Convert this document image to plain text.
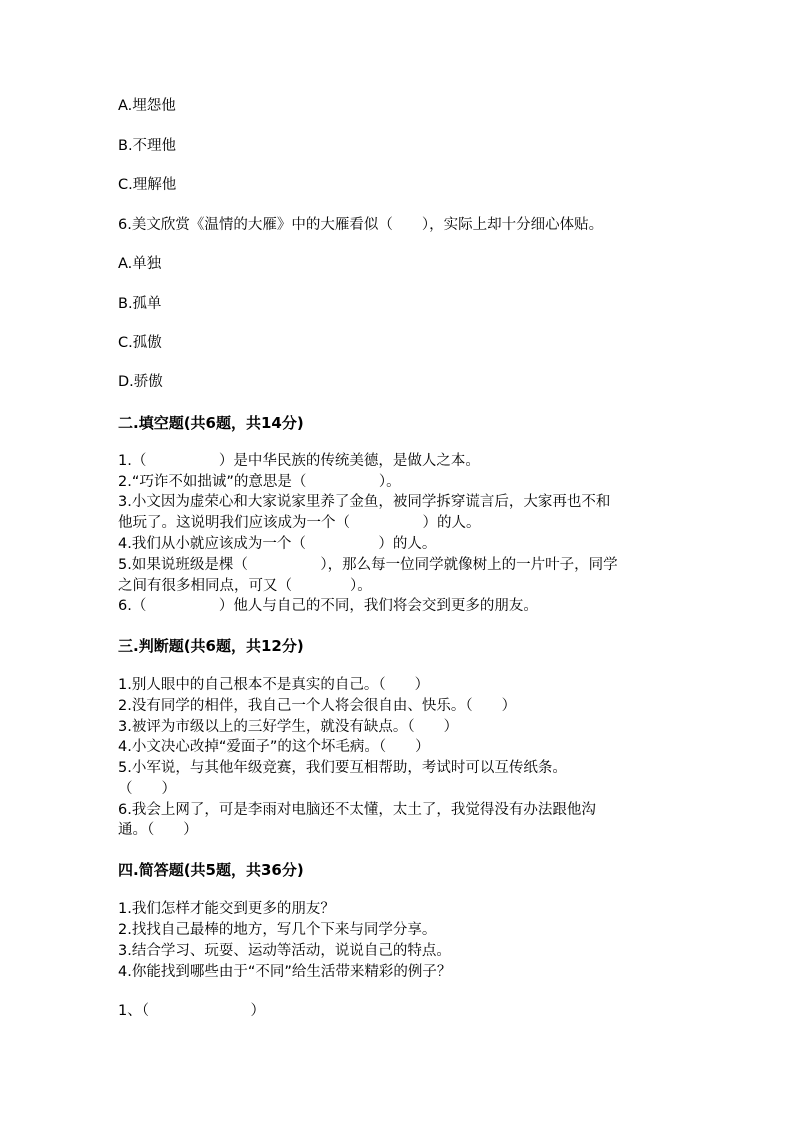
A.埋怨他
B.不理他
C.理解他
6.美文欣赏《温情的大雁》中的大雁看似（　　），实际上却十分细心体贴。
A.单独
B.孤单
C.孤傲
D.骄傲
二.填空题(共6题，共14分)
1.（　　　　　）是中华民族的传统美德，是做人之本。
2.“巧诈不如拙诚”的意思是（　　　　　）。
3.小文因为虚荣心和大家说家里养了金鱼，被同学拆穿谎言后，大家再也不和
他玩了。这说明我们应该成为一个（　　　　　）的人。
4.我们从小就应该成为一个（　　　　　）的人。
5.如果说班级是棵（　　　　　），那么每一位同学就像树上的一片叶子，同学
之间有很多相同点，可又（　　　　）。
6.（　　　　　）他人与自己的不同，我们将会交到更多的朋友。
三.判断题(共6题，共12分)
1.别人眼中的自己根本不是真实的自己。（　　）
2.没有同学的相伴，我自己一个人将会很自由、快乐。（　　）
3.被评为市级以上的三好学生，就没有缺点。（　　）
4.小文决心改掉“爱面子”的这个坏毛病。（　　）
5.小军说，与其他年级竞赛，我们要互相帮助，考试时可以互传纸条。
（　　）
6.我会上网了，可是李雨对电脑还不太懂，太土了，我觉得没有办法跟他沟
通。（　　）
四.简答题(共5题，共36分)
1.我们怎样才能交到更多的朋友？
2.找找自己最棒的地方，写几个下来与同学分享。
3.结合学习、玩耍、运动等活动，说说自己的特点。
4.你能找到哪些由于“不同”给生活带来精彩的例子？
1、（　　　　　　　）
